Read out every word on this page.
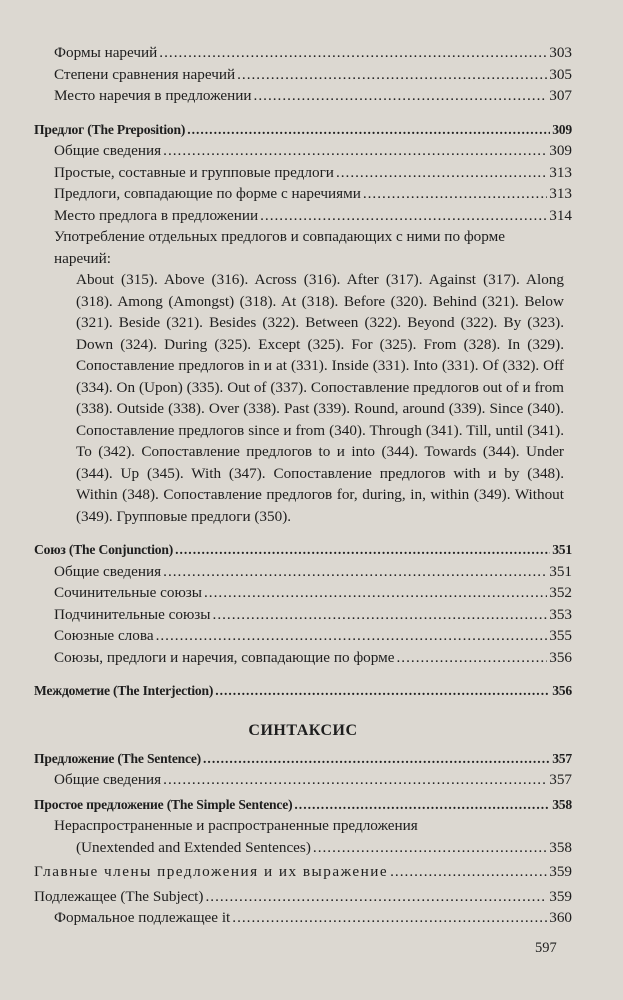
Формы наречий .....	303
Степени сравнения наречий .....	305
Место наречия в предложении .....	307
Предлог (The Preposition) .....	309
Общие сведения .....	309
Простые, составные и групповые предлоги .....	313
Предлоги, совпадающие по форме с наречиями .....	313
Место предлога в предложении .....	314
Употребление отдельных предлогов и совпадающих с ними по форме наречий:
About (315). Above (316). Across (316). After (317). Against (317). Along (318). Among (Amongst) (318). At (318). Before (320). Behind (321). Below (321). Beside (321). Besides (322). Between (322). Beyond (322). By (323). Down (324). During (325). Except (325). For (325). From (328). In (329). Сопоставление предлогов in и at (331). Inside (331). Into (331). Of (332). Off (334). On (Upon) (335). Out of (337). Сопоставление предлогов out of и from (338). Outside (338). Over (338). Past (339). Round, around (339). Since (340). Сопоставление предлогов since и from (340). Through (341). Till, until (341). To (342). Сопоставление предлогов to и into (344). Towards (344). Under (344). Up (345). With (347). Сопоставление предлогов with и by (348). Within (348). Сопоставление предлогов for, during, in, within (349). Without (349). Групповые предлоги (350).
Союз (The Conjunction) .....	351
Общие сведения .....	351
Сочинительные союзы .....	352
Подчинительные союзы .....	353
Союзные слова .....	355
Союзы, предлоги и наречия, совпадающие по форме .....	356
Междометие (The Interjection) .....	356
СИНТАКСИС
Предложение (The Sentence) .....	357
Общие сведения .....	357
Простое предложение (The Simple Sentence) .....	358
Нераспространенные и распространенные предложения
(Unextended and Extended Sentences) .....	358
Главные члены предложения и их выражение .....	359
Подлежащее (The Subject) .....	359
Формальное подлежащее it .....	360
597
